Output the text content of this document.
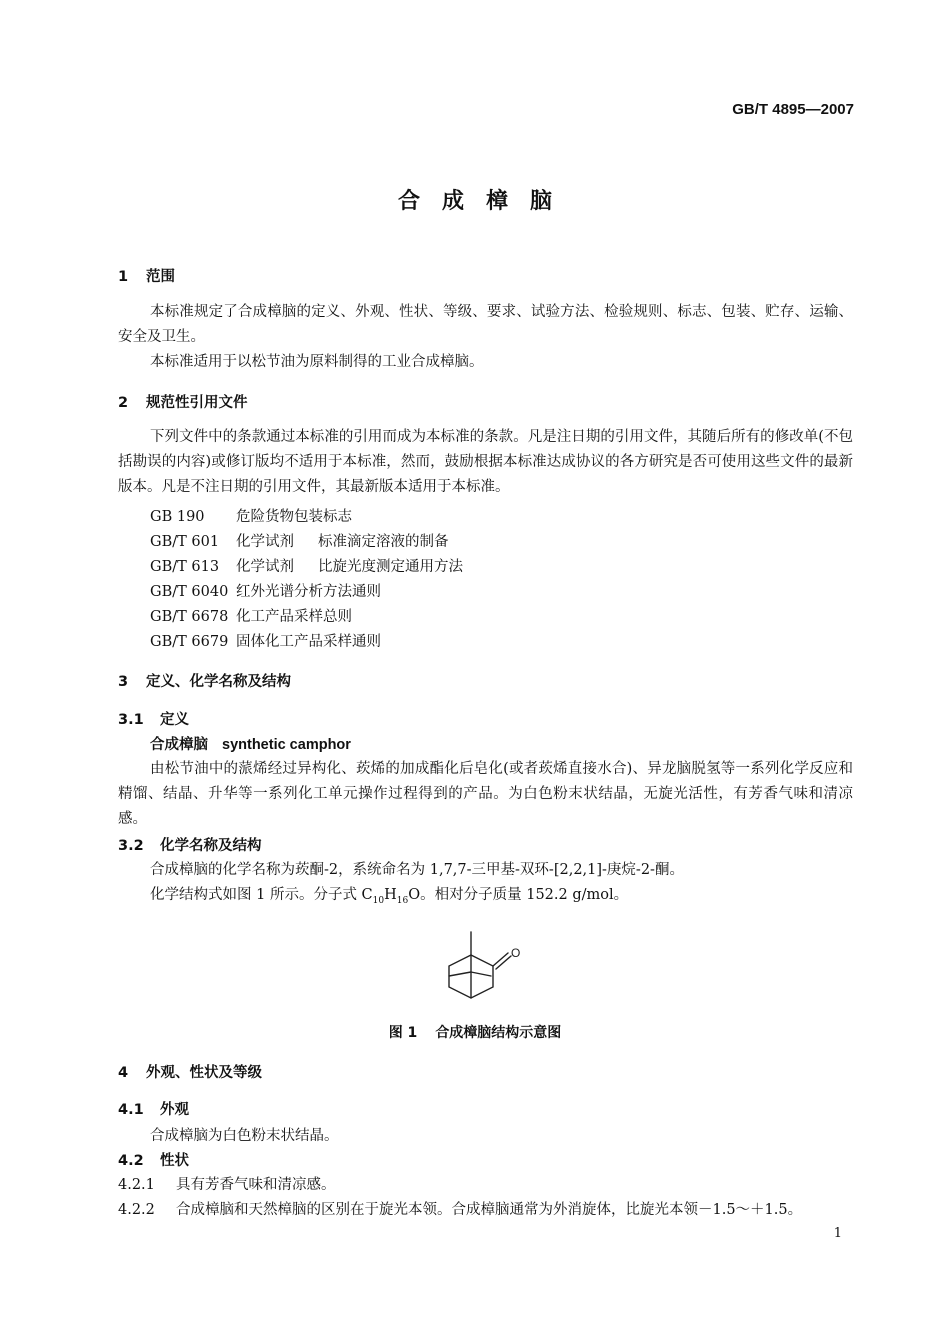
GB/T 4895—2007
合成樟脑
1 范围
本标准规定了合成樟脑的定义、外观、性状、等级、要求、试验方法、检验规则、标志、包装、贮存、运输、安全及卫生。
本标准适用于以松节油为原料制得的工业合成樟脑。
2 规范性引用文件
下列文件中的条款通过本标准的引用而成为本标准的条款。凡是注日期的引用文件，其随后所有的修改单(不包括勘误的内容)或修订版均不适用于本标准，然而，鼓励根据本标准达成协议的各方研究是否可使用这些文件的最新版本。凡是不注日期的引用文件，其最新版本适用于本标准。
GB 190 危险货物包装标志
GB/T 601 化学试剂 标准滴定溶液的制备
GB/T 613 化学试剂 比旋光度测定通用方法
GB/T 6040 红外光谱分析方法通则
GB/T 6678 化工产品采样总则
GB/T 6679 固体化工产品采样通则
3 定义、化学名称及结构
3.1 定义
合成樟脑 synthetic camphor
由松节油中的蒎烯经过异构化、莰烯的加成酯化后皂化(或者莰烯直接水合)、异龙脑脱氢等一系列化学反应和精馏、结晶、升华等一系列化工单元操作过程得到的产品。为白色粉末状结晶，无旋光活性，有芳香气味和清凉感。
3.2 化学名称及结构
合成樟脑的化学名称为莰酮-2，系统命名为 1,7,7-三甲基-双环-[2,2,1]-庚烷-2-酮。
化学结构式如图 1 所示。分子式 $C_{10}H_{16}O$。相对分子质量 152.2 g/mol。
O
图 1 合成樟脑结构示意图
4 外观、性状及等级
4.1 外观
合成樟脑为白色粉末状结晶。
4.2 性状
4.2.1 具有芳香气味和清凉感。
4.2.2 合成樟脑和天然樟脑的区别在于旋光本领。合成樟脑通常为外消旋体，比旋光本领－1.5～＋1.5。
1
